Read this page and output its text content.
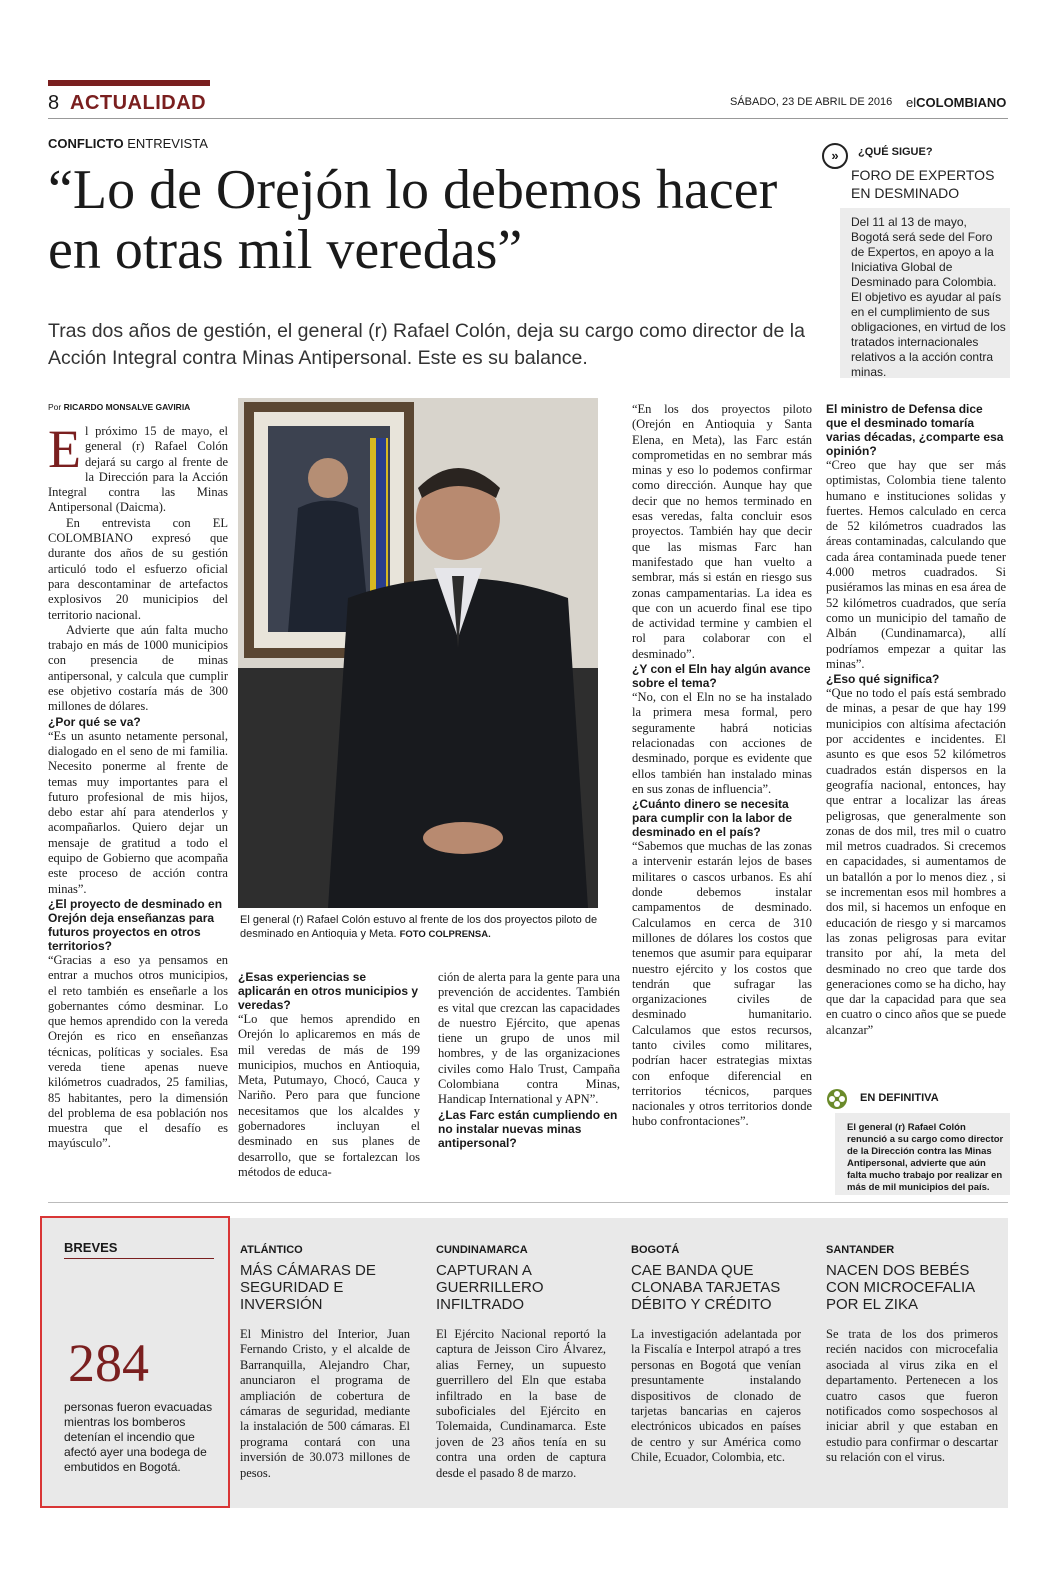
8 ACTUALIDAD	SÁBADO, 23 DE ABRIL DE 2016 elCOLOMBIANO
CONFLICTO ENTREVISTA
“Lo de Orejón lo debemos hacer en otras mil veredas”
Tras dos años de gestión, el general (r) Rafael Colón, deja su cargo como director de la Acción Integral contra Minas Antipersonal. Este es su balance.
»	¿QUÉ SIGUE?
FORO DE EXPERTOS EN DESMINADO
Del 11 al 13 de mayo, Bogotá será sede del Foro de Expertos, en apoyo a la Iniciativa Global de Desminado para Colombia. El objetivo es ayudar al país en el cumplimiento de sus obligaciones, en virtud de los tratados internacionales relativos a la acción contra minas.
Por RICARDO MONSALVE GAVIRIA

El próximo 15 de mayo, el general (r) Rafael Colón dejará su cargo al frente de la Dirección para la Acción Integral contra las Minas Antipersonal (Daicma).

En entrevista con EL COLOMBIANO expresó que durante dos años de su gestión articuló todo el esfuerzo oficial para descontaminar de artefactos explosivos 20 municipios del territorio nacional.

Advierte que aún falta mucho trabajo en más de 1000 municipios con presencia de minas antipersonal, y calcula que cumplir ese objetivo costaría más de 300 millones de dólares.

¿Por qué se va?

“Es un asunto netamente personal, dialogado en el seno de mi familia. Necesito ponerme al frente de temas muy importantes para el futuro profesional de mis hijos, debo estar ahí para atenderlos y acompañarlos. Quiero dejar un mensaje de gratitud a todo el equipo de Gobierno que acompaña este proceso de acción contra minas”.

¿El proyecto de desminado en Orejón deja enseñanzas para futuros proyectos en otros territorios?

“Gracias a eso ya pensamos en entrar a muchos otros municipios, el reto también es enseñarle a los gobernantes cómo desminar. Lo que hemos aprendido con la vereda Orejón es rico en enseñanzas técnicas, políticas y sociales. Esa vereda tiene apenas nueve kilómetros cuadrados, 25 familias, 85 habitantes, pero la dimensión del problema de esa población nos muestra que el desafío es mayúsculo”.

El general (r) Rafael Colón estuvo al frente de los dos proyectos piloto de desminado en Antioquia y Meta. FOTO COLPRENSA.

¿Esas experiencias se aplicarán en otros municipios y veredas?

“Lo que hemos aprendido en Orejón lo aplicaremos en más de mil veredas de más de 199 municipios, muchos en Antioquia, Meta, Putumayo, Chocó, Cauca y Nariño. Pero para que funcione necesitamos que los alcaldes y gobernadores incluyan el desminado en sus planes de desarrollo, que se fortalezcan los métodos de educa-

ción de alerta para la gente para una prevención de accidentes. También es vital que crezcan las capacidades de nuestro Ejército, que apenas tiene un grupo de unos mil hombres, y de las organizaciones civiles como Halo Trust, Campaña Colombiana contra Minas, Handicap International y APN”.

¿Las Farc están cumpliendo en no instalar nuevas minas antipersonal?

“En los dos proyectos piloto (Orejón en Antioquia y Santa Elena, en Meta), las Farc están comprometidas en no sembrar más minas y eso lo podemos confirmar como dirección. Aunque hay que decir que no hemos terminado en esas veredas, falta concluir esos proyectos. También hay que decir que las mismas Farc han manifestado que han vuelto a sembrar, más si están en riesgo sus zonas campamentarias. La idea es que con un acuerdo final ese tipo de actividad termine y cambien el rol para colaborar con el desminado”.

¿Y con el Eln hay algún avance sobre el tema?

“No, con el Eln no se ha instalado la primera mesa formal, pero seguramente habrá noticias relacionadas con acciones de desminado, porque es evidente que ellos también han instalado minas en sus zonas de influencia”.

¿Cuánto dinero se necesita para cumplir con la labor de desminado en el país?

“Sabemos que muchas de las zonas a intervenir estarán lejos de bases militares o cascos urbanos. Es ahí donde debemos instalar campamentos de desminado. Calculamos en cerca de 310 millones de dólares los costos que tenemos que asumir para equiparar nuestro ejército y los costos que tendrán que sufragar las organizaciones civiles de desminado humanitario. Calculamos que estos recursos, tanto civiles como militares, podrían hacer estrategias mixtas con enfoque diferencial en territorios técnicos, parques nacionales y otros territorios donde hubo confrontaciones”.

El ministro de Defensa dice que el desminado tomaría varias décadas, ¿comparte esa opinión?

“Creo que hay que ser más optimistas, Colombia tiene talento humano e instituciones solidas y fuertes. Hemos calculado en cerca de 52 kilómetros cuadrados las áreas contaminadas, calculando que cada área contaminada puede tener 4.000 metros cuadrados. Si pusiéramos las minas en esa área de 52 kilómetros cuadrados, que sería como un municipio del tamaño de Albán (Cundinamarca), allí podríamos empezar a quitar las minas”.

¿Eso qué significa?

“Que no todo el país está sembrado de minas, a pesar de que hay 199 municipios con altísima afectación por accidentes e incidentes. El asunto es que esos 52 kilómetros cuadrados están dispersos en la geografía nacional, entonces, hay que entrar a localizar las áreas peligrosas, que generalmente son zonas de dos mil, tres mil o cuatro mil metros cuadrados. Si crecemos en capacidades, si aumentamos de un batallón a por lo menos diez , si se incrementan esos mil hombres a dos mil, si hacemos un enfoque en educación de riesgo y si marcamos las zonas peligrosas para evitar transito por ahí, la meta del desminado no creo que tarde dos generaciones como se ha dicho, hay que dar la capacidad para que sea en cuatro o cinco años que se puede alcanzar”

EN DEFINITIVA
El general (r) Rafael Colón renunció a su cargo como director de la Dirección contra las Minas Antipersonal, advierte que aún falta mucho trabajo por realizar en más de mil municipios del país.
BREVES
284
personas fueron evacuadas mientras los bomberos detenían el incendio que afectó ayer una bodega de embutidos en Bogotá.
ATLÁNTICO
MÁS CÁMARAS DE SEGURIDAD E INVERSIÓN
El Ministro del Interior, Juan Fernando Cristo, y el alcalde de Barranquilla, Alejandro Char, anunciaron el programa de ampliación de cobertura de cámaras de seguridad, mediante la instalación de 500 cámaras. El programa contará con una inversión de 30.073 millones de pesos.
CUNDINAMARCA
CAPTURAN A GUERRILLERO INFILTRADO
El Ejército Nacional reportó la captura de Jeisson Ciro Álvarez, alias Ferney, un supuesto guerrillero del Eln que estaba infiltrado en la base de suboficiales del Ejército en Tolemaida, Cundinamarca. Este joven de 23 años tenía en su contra una orden de captura desde el pasado 8 de marzo.
BOGOTÁ
CAE BANDA QUE CLONABA TARJETAS DÉBITO Y CRÉDITO
La investigación adelantada por la Fiscalía e Interpol atrapó a tres personas en Bogotá que venían presuntamente instalando dispositivos de clonado de tarjetas bancarias en cajeros electrónicos ubicados en países de centro y sur América como Chile, Ecuador, Colombia, etc.
SANTANDER
NACEN DOS BEBÉS CON MICROCEFALIA POR EL ZIKA
Se trata de los dos primeros recién nacidos con microcefalia asociada al virus zika en el departamento. Pertenecen a los cuatro casos que fueron notificados como sospechosos al iniciar abril y que estaban en estudio para confirmar o descartar su relación con el virus.
